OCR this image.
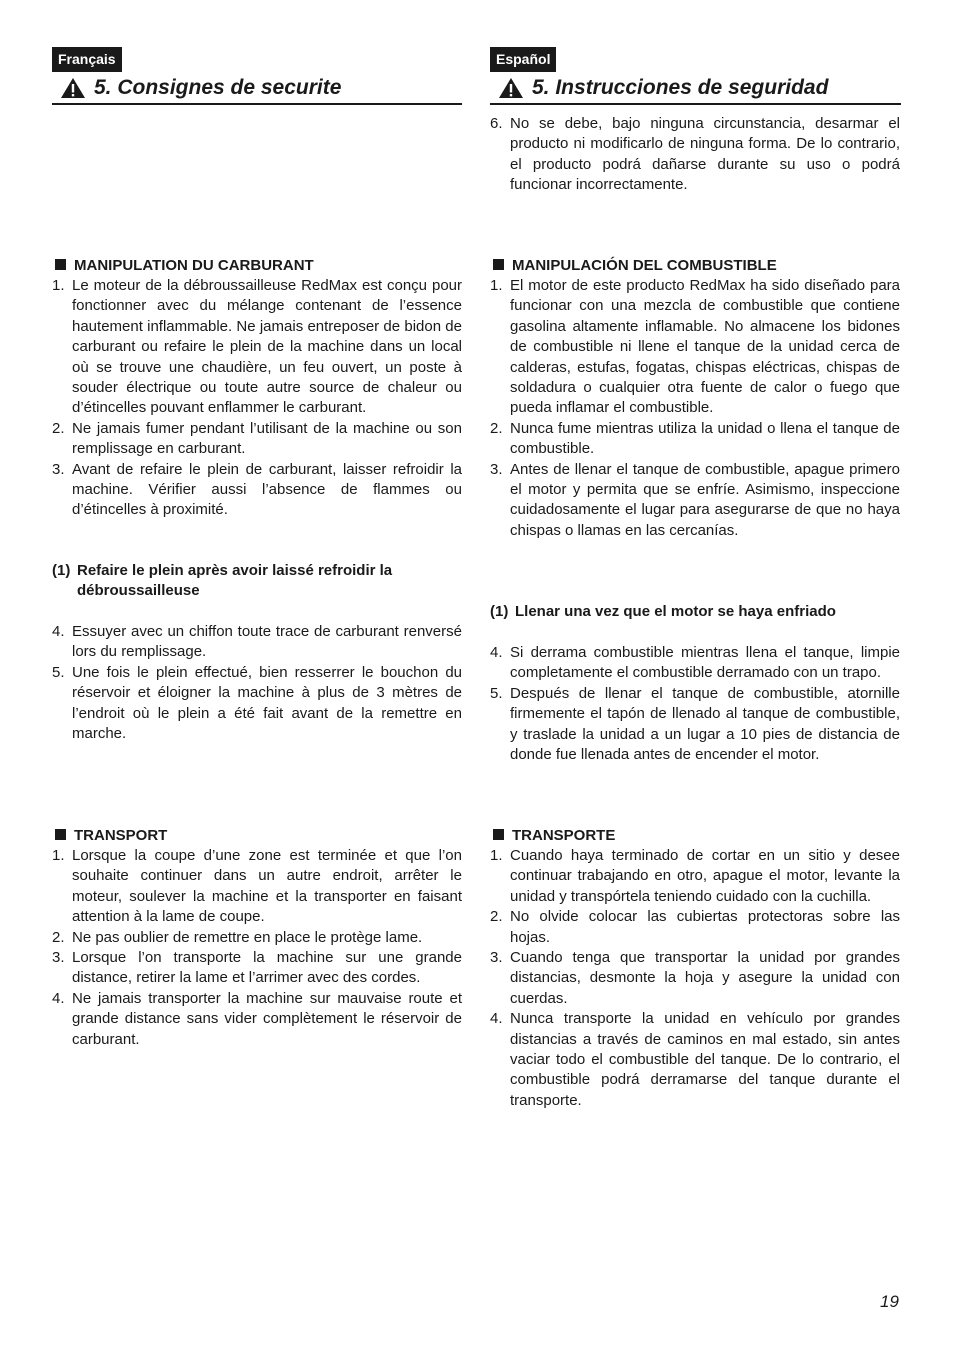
Français
5. Consignes de securite
MANIPULATION DU CARBURANT
1. Le moteur de la débroussailleuse RedMax est conçu pour fonctionner avec du mélange contenant de l’essence hautement inflammable. Ne jamais entreposer de bidon de carburant ou refaire le plein de la machine dans un local où se trouve une chaudière, un feu ouvert, un poste à souder électrique ou toute autre source de chaleur ou d’étincelles pouvant enflammer le carburant.
2. Ne jamais fumer pendant l’utilisant de la machine ou son remplissage en carburant.
3. Avant de refaire le plein de carburant, laisser refroidir la machine. Vérifier aussi l’absence de flammes ou d’étincelles à proximité.
(1) Refaire le plein après avoir laissé refroidir la débroussailleuse
4. Essuyer avec un chiffon toute trace de carburant renversé lors du remplissage.
5. Une fois le plein effectué, bien resserrer le bouchon du réservoir et éloigner la machine à plus de 3 mètres de l’endroit où le plein a été fait avant de la remettre en marche.
TRANSPORT
1. Lorsque la coupe d’une zone est terminée et que l’on souhaite continuer dans un autre endroit, arrêter le moteur, soulever la machine et la transporter en faisant attention à la lame de coupe.
2. Ne pas oublier de remettre en place le protège lame.
3. Lorsque l’on transporte la machine sur une grande distance, retirer la lame et l’arrimer avec des cordes.
4. Ne jamais transporter la machine sur mauvaise route et grande distance sans vider complètement le réservoir de carburant.
Español
5. Instrucciones de seguridad
6. No se debe, bajo ninguna circunstancia, desarmar el producto ni modificarlo de ninguna forma. De lo contrario, el producto podrá dañarse durante su uso o podrá funcionar incorrectamente.
MANIPULACIÓN DEL COMBUSTIBLE
1. El motor de este producto RedMax ha sido diseñado para funcionar con una mezcla de combustible que contiene gasolina altamente inflamable. No almacene los bidones de combustible ni llene el tanque de la unidad cerca de calderas, estufas, fogatas, chispas eléctricas, chispas de soldadura o cualquier otra fuente de calor o fuego que pueda inflamar el combustible.
2. Nunca fume mientras utiliza la unidad o llena el tanque de combustible.
3. Antes de llenar el tanque de combustible, apague primero el motor y permita que se enfríe. Asimismo, inspeccione cuidadosamente el lugar para asegurarse de que no haya chispas o llamas en las cercanías.
(1) Llenar una vez que el motor se haya enfriado
4. Si derrama combustible mientras llena el tanque, limpie completamente el combustible derramado con un trapo.
5. Después de llenar el tanque de combustible, atornille firmemente el tapón de llenado al tanque de combustible, y traslade la unidad a un lugar a 10 pies de distancia de donde fue llenada antes de encender el motor.
TRANSPORTE
1. Cuando haya terminado de cortar en un sitio y desee continuar trabajando en otro, apague el motor, levante la unidad y transpórtela teniendo cuidado con la cuchilla.
2. No olvide colocar las cubiertas protectoras sobre las hojas.
3. Cuando tenga que transportar la unidad por grandes distancias, desmonte la hoja y asegure la unidad con cuerdas.
4. Nunca transporte la unidad en vehículo por grandes distancias a través de caminos en mal estado, sin antes vaciar todo el combustible del tanque. De lo contrario, el combustible podrá derramarse del tanque durante el transporte.
19
